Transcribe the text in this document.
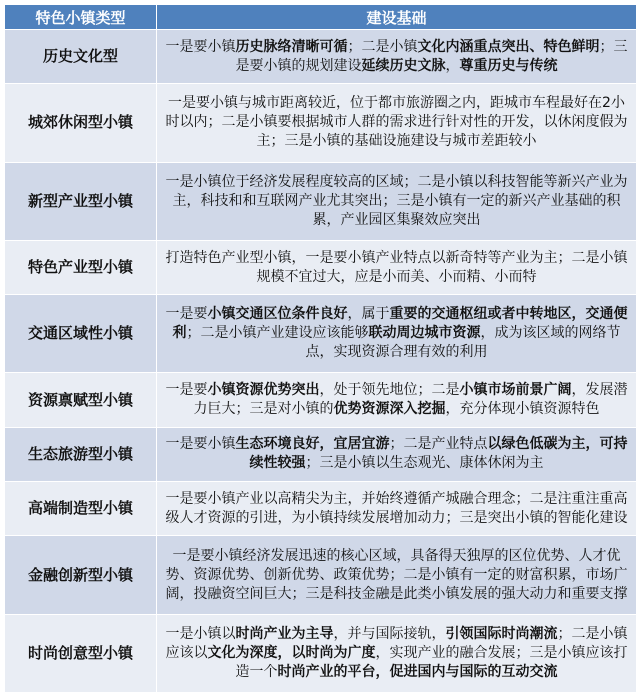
特色小镇类型	建设基础
历史文化型	一是要小镇历史脉络清晰可循；二是小镇文化内涵重点突出、特色鲜明；三是要小镇的规划建设延续历史文脉，尊重历史与传统
城郊休闲型小镇	一是要小镇与城市距离较近，位于都市旅游圈之内，距城市车程最好在2小时以内；二是小镇要根据城市人群的需求进行针对性的开发，以休闲度假为主；三是小镇的基础设施建设与城市差距较小
新型产业型小镇	一是小镇位于经济发展程度较高的区域；二是小镇以科技智能等新兴产业为主，科技和和互联网产业尤其突出；三是小镇有一定的新兴产业基础的积累，产业园区集聚效应突出
特色产业型小镇	打造特色产业型小镇，一是要小镇产业特点以新奇特等产业为主；二是小镇规模不宜过大，应是小而美、小而精、小而特
交通区域性小镇	一是要小镇交通区位条件良好，属于重要的交通枢纽或者中转地区，交通便利；二是小镇产业建设应该能够联动周边城市资源，成为该区域的网络节点，实现资源合理有效的利用
资源禀赋型小镇	一是要小镇资源优势突出，处于领先地位；二是小镇市场前景广阔，发展潜力巨大；三是对小镇的优势资源深入挖掘，充分体现小镇资源特色
生态旅游型小镇	一是要小镇生态环境良好，宜居宜游；二是产业特点以绿色低碳为主，可持续性较强；三是小镇以生态观光、康体休闲为主
高端制造型小镇	一是要小镇产业以高精尖为主，并始终遵循产城融合理念；二是注重注重高级人才资源的引进，为小镇持续发展增加动力；三是突出小镇的智能化建设
金融创新型小镇	一是要小镇经济发展迅速的核心区域，具备得天独厚的区位优势、人才优势、资源优势、创新优势、政策优势；二是小镇有一定的财富积累，市场广阔，投融资空间巨大；三是科技金融是此类小镇发展的强大动力和重要支撑
时尚创意型小镇	一是小镇以时尚产业为主导，并与国际接轨，引领国际时尚潮流；二是小镇应该以文化为深度，以时尚为广度，实现产业的融合发展；三是小镇应该打造一个时尚产业的平台，促进国内与国际的互动交流
